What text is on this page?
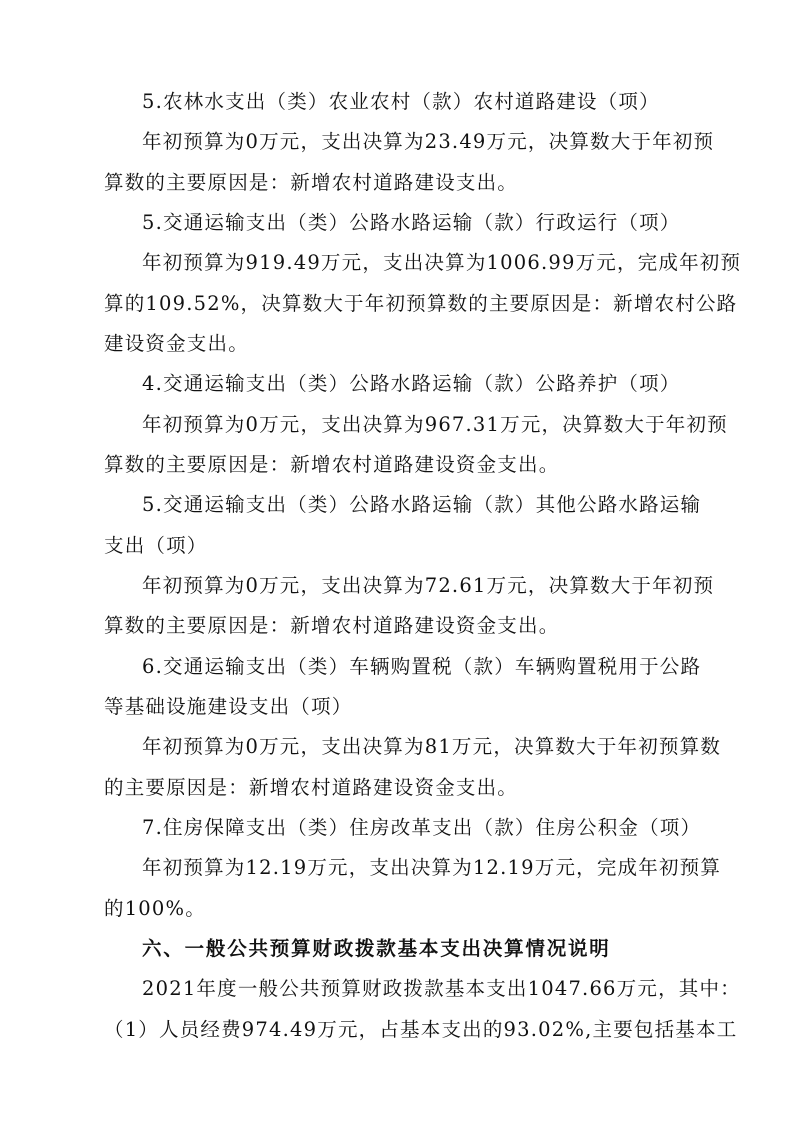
5.农林水支出（类）农业农村（款）农村道路建设（项）
年初预算为0万元，支出决算为23.49万元，决算数大于年初预
算数的主要原因是：新增农村道路建设支出。
5.交通运输支出（类）公路水路运输（款）行政运行（项）
年初预算为919.49万元，支出决算为1006.99万元，完成年初预
算的109.52%，决算数大于年初预算数的主要原因是：新增农村公路
建设资金支出。
4.交通运输支出（类）公路水路运输（款）公路养护（项）
年初预算为0万元，支出决算为967.31万元，决算数大于年初预
算数的主要原因是：新增农村道路建设资金支出。
5.交通运输支出（类）公路水路运输（款）其他公路水路运输
支出（项）
年初预算为0万元，支出决算为72.61万元，决算数大于年初预
算数的主要原因是：新增农村道路建设资金支出。
6.交通运输支出（类）车辆购置税（款）车辆购置税用于公路
等基础设施建设支出（项）
年初预算为0万元，支出决算为81万元，决算数大于年初预算数
的主要原因是：新增农村道路建设资金支出。
7.住房保障支出（类）住房改革支出（款）住房公积金（项）
年初预算为12.19万元，支出决算为12.19万元，完成年初预算
的100%。
六、一般公共预算财政拨款基本支出决算情况说明
2021年度一般公共预算财政拨款基本支出1047.66万元，其中：
（1）人员经费974.49万元，占基本支出的93.02%,主要包括基本工
